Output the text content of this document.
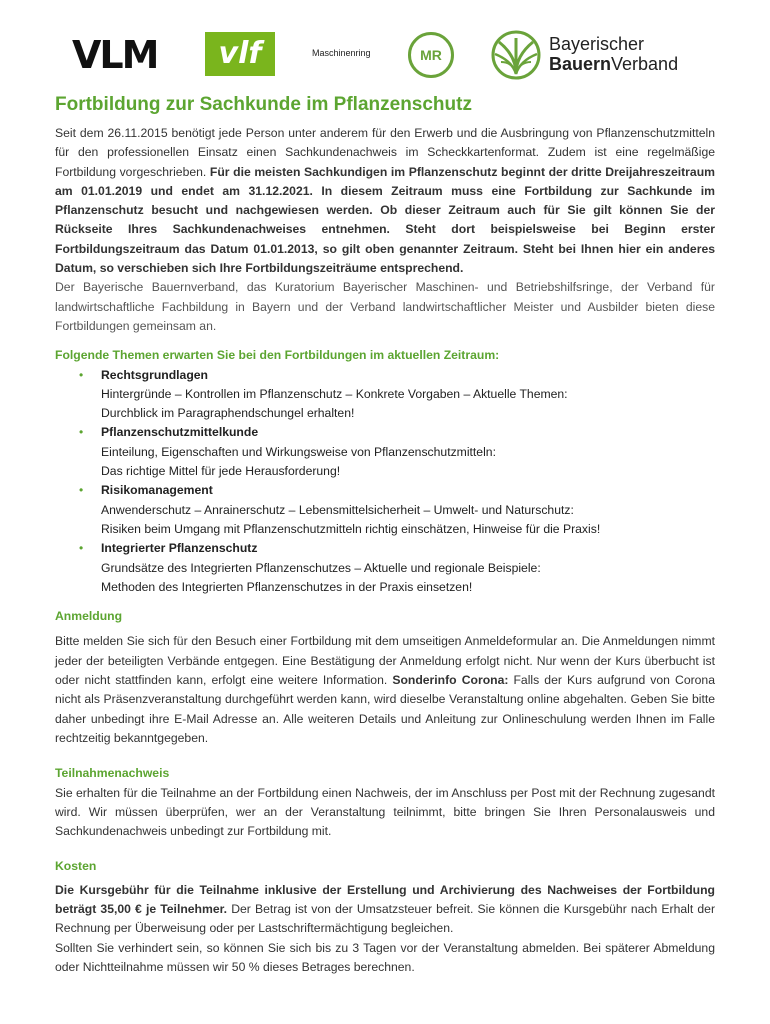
VLM	vlf	Maschinenring	MR
Bayerischer
BauernVerband
Fortbildung zur Sachkunde im Pflanzenschutz

Seit dem 26.11.2015 benötigt jede Person unter anderem für den Erwerb und die Ausbringung von Pflanzenschutzmitteln für den professionellen Einsatz einen Sachkundenachweis im Scheckkartenformat. Zudem ist eine regelmäßige Fortbildung vorgeschrieben. Für die meisten Sachkundigen im Pflanzenschutz beginnt der dritte Dreijahreszeitraum am 01.01.2019 und endet am 31.12.2021. In diesem Zeitraum muss eine Fortbildung zur Sachkunde im Pflanzenschutz besucht und nachgewiesen werden. Ob dieser Zeitraum auch für Sie gilt können Sie der Rückseite Ihres Sachkundenachweises entnehmen. Steht dort beispielsweise bei Beginn erster Fortbildungszeitraum das Datum 01.01.2013, so gilt oben genannter Zeitraum. Steht bei Ihnen hier ein anderes Datum, so verschieben sich Ihre Fortbildungszeiträume entsprechend.

Der Bayerische Bauernverband, das Kuratorium Bayerischer Maschinen- und Betriebshilfsringe, der Verband für landwirtschaftliche Fachbildung in Bayern und der Verband landwirtschaftlicher Meister und Ausbilder bieten diese Fortbildungen gemeinsam an.

Folgende Themen erwarten Sie bei den Fortbildungen im aktuellen Zeitraum:
• Rechtsgrundlagen
Hintergründe – Kontrollen im Pflanzenschutz – Konkrete Vorgaben – Aktuelle Themen:
Durchblick im Paragraphendschungel erhalten!
• Pflanzenschutzmittelkunde
Einteilung, Eigenschaften und Wirkungsweise von Pflanzenschutzmitteln:
Das richtige Mittel für jede Herausforderung!
• Risikomanagement
Anwenderschutz – Anrainerschutz – Lebensmittelsicherheit – Umwelt- und Naturschutz:
Risiken beim Umgang mit Pflanzenschutzmitteln richtig einschätzen, Hinweise für die Praxis!
• Integrierter Pflanzenschutz
Grundsätze des Integrierten Pflanzenschutzes – Aktuelle und regionale Beispiele:
Methoden des Integrierten Pflanzenschutzes in der Praxis einsetzen!
Anmeldung

Bitte melden Sie sich für den Besuch einer Fortbildung mit dem umseitigen Anmeldeformular an. Die Anmeldungen nimmt jeder der beteiligten Verbände entgegen. Eine Bestätigung der Anmeldung erfolgt nicht. Nur wenn der Kurs überbucht ist oder nicht stattfinden kann, erfolgt eine weitere Information. Sonderinfo Corona: Falls der Kurs aufgrund von Corona nicht als Präsenzveranstaltung durchgeführt werden kann, wird dieselbe Veranstaltung online abgehalten. Geben Sie bitte daher unbedingt ihre E-Mail Adresse an. Alle weiteren Details und Anleitung zur Onlineschulung werden Ihnen im Falle rechtzeitig bekanntgegeben.

Teilnahmenachweis

Sie erhalten für die Teilnahme an der Fortbildung einen Nachweis, der im Anschluss per Post mit der Rechnung zugesandt wird. Wir müssen überprüfen, wer an der Veranstaltung teilnimmt, bitte bringen Sie Ihren Personalausweis und Sachkundenachweis unbedingt zur Fortbildung mit.

Kosten

Die Kursgebühr für die Teilnahme inklusive der Erstellung und Archivierung des Nachweises der Fortbildung beträgt 35,00 € je Teilnehmer. Der Betrag ist von der Umsatzsteuer befreit. Sie können die Kursgebühr nach Erhalt der Rechnung per Überweisung oder per Lastschriftermächtigung begleichen.

Sollten Sie verhindert sein, so können Sie sich bis zu 3 Tagen vor der Veranstaltung abmelden. Bei späterer Abmeldung oder Nichtteilnahme müssen wir 50 % dieses Betrages berechnen.
